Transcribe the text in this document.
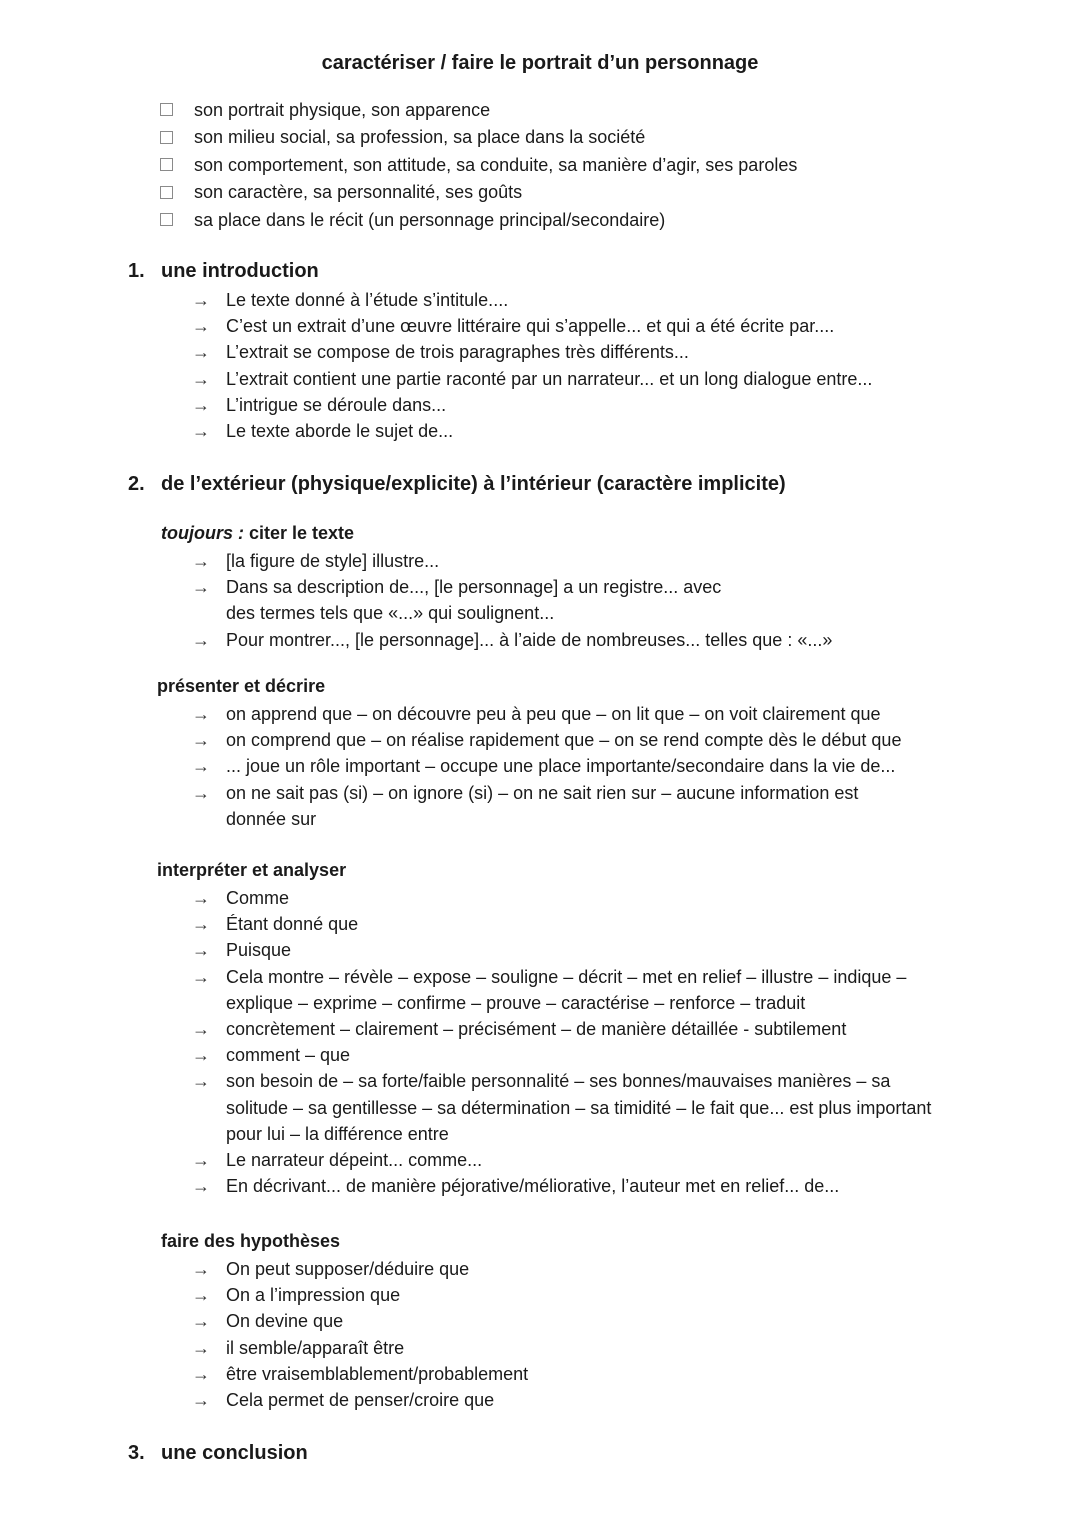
caractériser / faire le portrait d’un personnage
son portrait physique, son apparence
son milieu social, sa profession, sa place dans la société
son comportement, son attitude, sa conduite, sa manière d’agir, ses paroles
son caractère, sa personnalité, ses goûts
sa place dans le récit (un personnage principal/secondaire)
1. une introduction
→ Le texte donné à l’étude s’intitule....
→ C’est un extrait d’une œuvre littéraire qui s’appelle... et qui a été écrite par....
→ L’extrait se compose de trois paragraphes très différents...
→ L’extrait contient une partie raconté par un narrateur... et un long dialogue entre...
→ L’intrigue se déroule dans...
→ Le texte aborde le sujet de...
2. de l’extérieur (physique/explicite) à l’intérieur (caractère implicite)
toujours : citer le texte
→ [la figure de style] illustre...
→ Dans sa description de..., [le personnage] a un registre... avec des termes tels que «...» qui soulignent...
→ Pour montrer..., [le personnage]... à l’aide de nombreuses... telles que : «...»
présenter et décrire
→ on apprend que – on découvre peu à peu que – on lit que – on voit clairement que
→ on comprend que – on réalise rapidement que – on se rend compte dès le début que
→ ... joue un rôle important – occupe une place importante/secondaire dans la vie de...
→ on ne sait pas (si) – on ignore (si) – on ne sait rien sur – aucune information est donnée sur
interpréter et analyser
→ Comme
→ Étant donné que
→ Puisque
→ Cela montre – révèle – expose – souligne – décrit – met en relief – illustre – indique – explique – exprime – confirme – prouve – caractérise – renforce – traduit
→ concrètement – clairement – précisément – de manière détaillée - subtilement
→ comment – que
→ son besoin de – sa forte/faible personnalité – ses bonnes/mauvaises manières – sa solitude – sa gentillesse – sa détermination – sa timidité – le fait que... est plus important pour lui – la différence entre
→ Le narrateur dépeint... comme...
→ En décrivant... de manière péjorative/méliorative, l’auteur met en relief... de...
faire des hypothèses
→ On peut supposer/déduire que
→ On a l’impression que
→ On devine que
→ il semble/apparaît être
→ être vraisemblablement/probablement
→ Cela permet de penser/croire que
3. une conclusion
